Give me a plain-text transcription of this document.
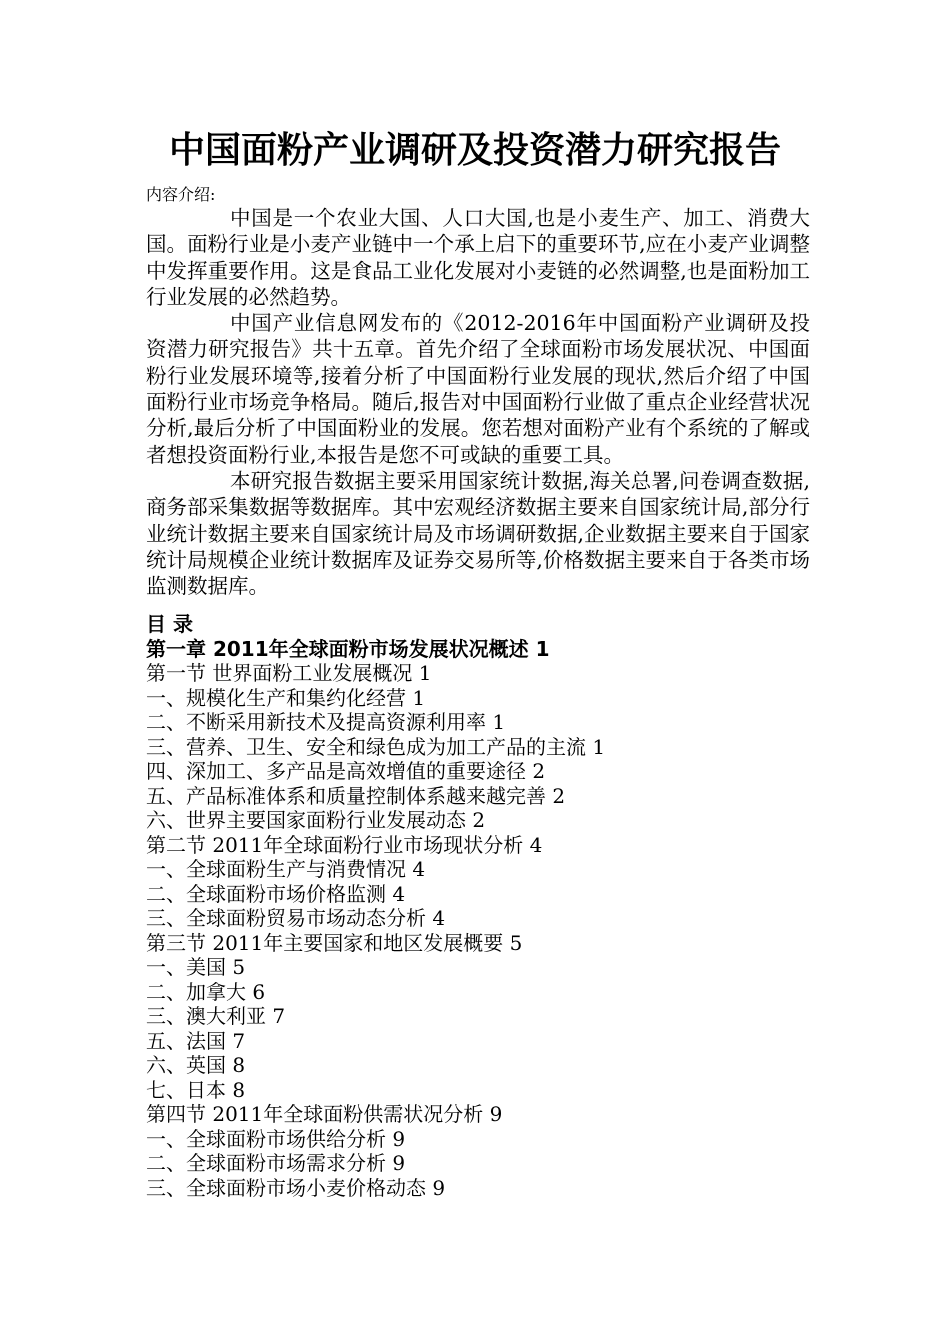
中国面粉产业调研及投资潜力研究报告
内容介绍:

中国是一个农业大国、人口大国,也是小麦生产、加工、消费大国。面粉行业是小麦产业链中一个承上启下的重要环节,应在小麦产业调整中发挥重要作用。这是食品工业化发展对小麦链的必然调整,也是面粉加工行业发展的必然趋势。

中国产业信息网发布的《2012-2016年中国面粉产业调研及投资潜力研究报告》共十五章。首先介绍了全球面粉市场发展状况、中国面粉行业发展环境等,接着分析了中国面粉行业发展的现状,然后介绍了中国面粉行业市场竞争格局。随后,报告对中国面粉行业做了重点企业经营状况分析,最后分析了中国面粉业的发展。您若想对面粉产业有个系统的了解或者想投资面粉行业,本报告是您不可或缺的重要工具。

本研究报告数据主要采用国家统计数据,海关总署,问卷调查数据,商务部采集数据等数据库。其中宏观经济数据主要来自国家统计局,部分行业统计数据主要来自国家统计局及市场调研数据,企业数据主要来自于国家统计局规模企业统计数据库及证券交易所等,价格数据主要来自于各类市场监测数据库。

目 录
第一章 2011年全球面粉市场发展状况概述 1
第一节 世界面粉工业发展概况 1
一、规模化生产和集约化经营 1
二、不断采用新技术及提高资源利用率 1
三、营养、卫生、安全和绿色成为加工产品的主流 1
四、深加工、多产品是高效增值的重要途径 2
五、产品标准体系和质量控制体系越来越完善 2
六、世界主要国家面粉行业发展动态 2
第二节 2011年全球面粉行业市场现状分析 4
一、全球面粉生产与消费情况 4
二、全球面粉市场价格监测 4
三、全球面粉贸易市场动态分析 4
第三节 2011年主要国家和地区发展概要 5
一、美国 5
二、加拿大 6
三、澳大利亚 7
五、法国 7
六、英国 8
七、日本 8
第四节 2011年全球面粉供需状况分析 9
一、全球面粉市场供给分析 9
二、全球面粉市场需求分析 9
三、全球面粉市场小麦价格动态 9
